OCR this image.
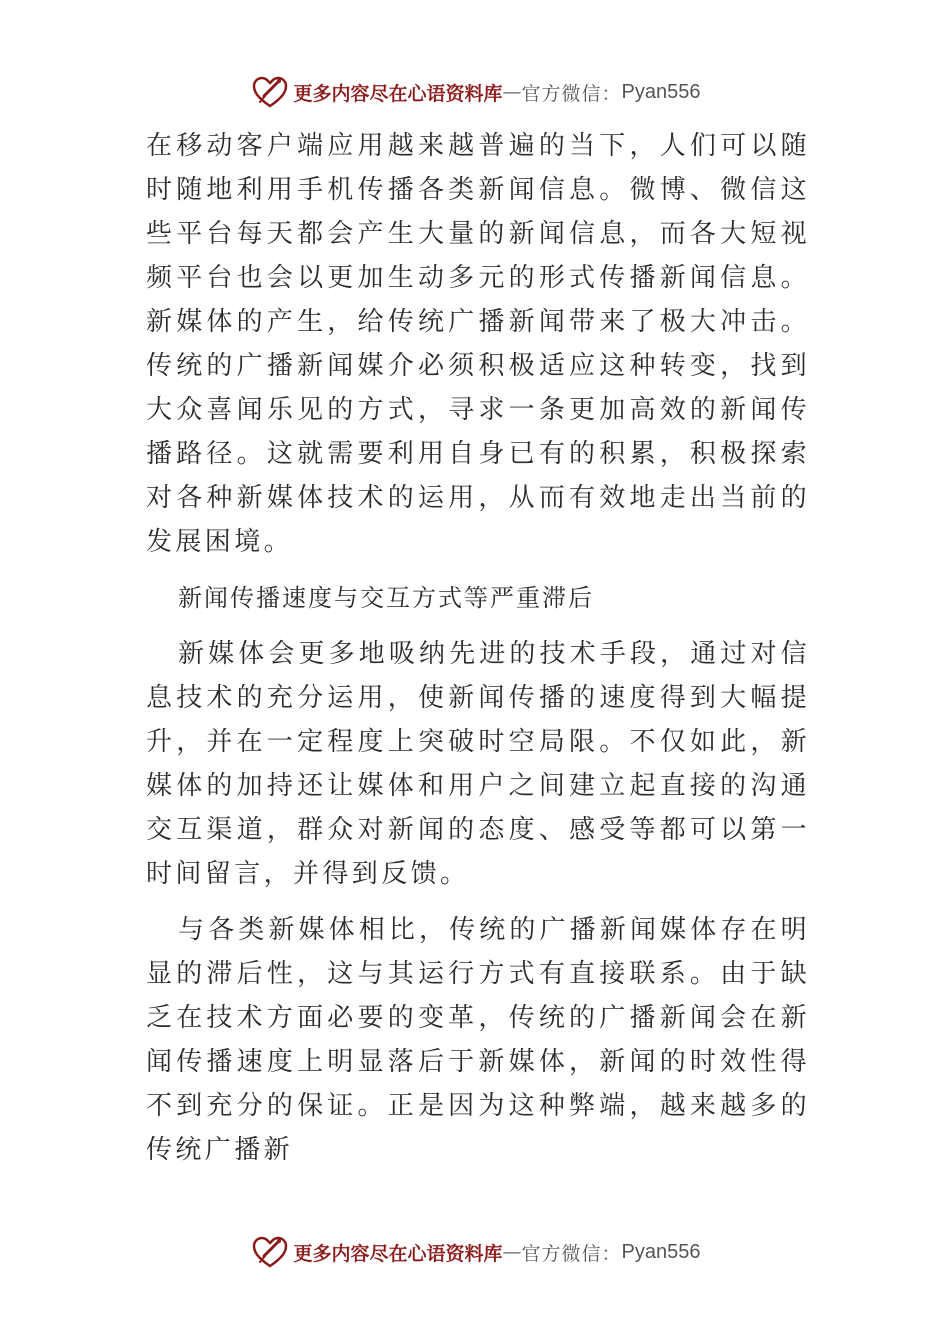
更多内容尽在心语资料库 — 官方微信： Pyan556

在移动客户端应用越来越普遍的当下，人们可以随时随地利用手机传播各类新闻信息。微博、微信这些平台每天都会产生大量的新闻信息，而各大短视频平台也会以更加生动多元的形式传播新闻信息。新媒体的产生，给传统广播新闻带来了极大冲击。传统的广播新闻媒介必须积极适应这种转变，找到大众喜闻乐见的方式，寻求一条更加高效的新闻传播路径。这就需要利用自身已有的积累，积极探索对各种新媒体技术的运用，从而有效地走出当前的发展困境。

新闻传播速度与交互方式等严重滞后

新媒体会更多地吸纳先进的技术手段，通过对信息技术的充分运用，使新闻传播的速度得到大幅提升，并在一定程度上突破时空局限。不仅如此，新媒体的加持还让媒体和用户之间建立起直接的沟通交互渠道，群众对新闻的态度、感受等都可以第一时间留言，并得到反馈。

与各类新媒体相比，传统的广播新闻媒体存在明显的滞后性，这与其运行方式有直接联系。由于缺乏在技术方面必要的变革，传统的广播新闻会在新闻传播速度上明显落后于新媒体，新闻的时效性得不到充分的保证。正是因为这种弊端，越来越多的传统广播新

更多内容尽在心语资料库 — 官方微信： Pyan556
